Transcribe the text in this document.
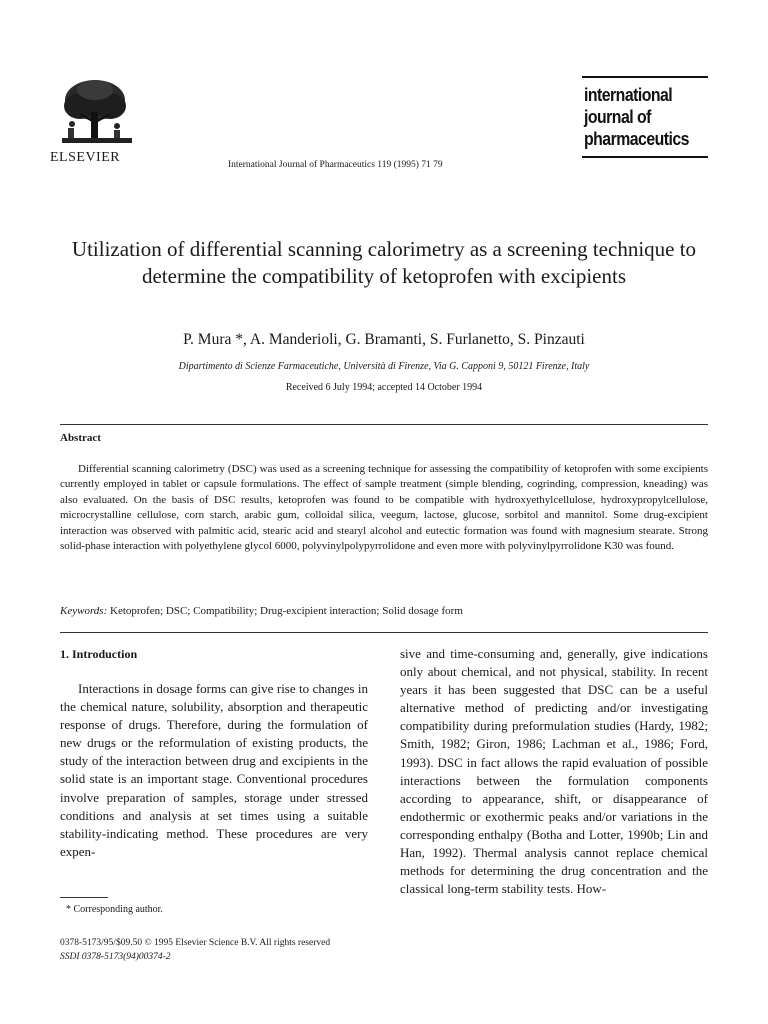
ELSEVIER	International Journal of Pharmaceutics 119 (1995) 71 79
international
journal of
pharmaceutics
Utilization of differential scanning calorimetry as a screening technique to determine the compatibility of ketoprofen with excipients
P. Mura *, A. Manderioli, G. Bramanti, S. Furlanetto, S. Pinzauti
Dipartimento di Scienze Farmaceutiche, Università di Firenze, Via G. Capponi 9, 50121 Firenze, Italy
Received 6 July 1994; accepted 14 October 1994
Abstract
Differential scanning calorimetry (DSC) was used as a screening technique for assessing the compatibility of ketoprofen with some excipients currently employed in tablet or capsule formulations. The effect of sample treatment (simple blending, cogrinding, compression, kneading) was also evaluated. On the basis of DSC results, ketoprofen was found to be compatible with hydroxyethylcellulose, hydroxypropylcellulose, microcrystalline cellulose, corn starch, arabic gum, colloidal silica, veegum, lactose, glucose, sorbitol and mannitol. Some drug-excipient interaction was observed with palmitic acid, stearic acid and stearyl alcohol and eutectic formation was found with magnesium stearate. Strong solid-phase interaction with polyethylene glycol 6000, polyvinylpolypyrrolidone and even more with polyvinylpyrrolidone K30 was found.
Keywords: Ketoprofen; DSC; Compatibility; Drug-excipient interaction; Solid dosage form
1. Introduction
Interactions in dosage forms can give rise to changes in the chemical nature, solubility, absorption and therapeutic response of drugs. Therefore, during the formulation of new drugs or the reformulation of existing products, the study of the interaction between drug and excipients in the solid state is an important stage. Conventional procedures involve preparation of samples, storage under stressed conditions and analysis at set times using a suitable stability-indicating method. These procedures are very expen-
sive and time-consuming and, generally, give indications only about chemical, and not physical, stability. In recent years it has been suggested that DSC can be a useful alternative method of predicting and/or investigating compatibility during preformulation studies (Hardy, 1982; Smith, 1982; Giron, 1986; Lachman et al., 1986; Ford, 1993). DSC in fact allows the rapid evaluation of possible interactions between the formulation components according to appearance, shift, or disappearance of endothermic or exothermic peaks and/or variations in the corresponding enthalpy (Botha and Lotter, 1990b; Lin and Han, 1992). Thermal analysis cannot replace chemical methods for determining the drug concentration and the classical long-term stability tests. How-
* Corresponding author.
0378-5173/95/$09.50 © 1995 Elsevier Science B.V. All rights reserved
SSDI 0378-5173(94)00374-2
